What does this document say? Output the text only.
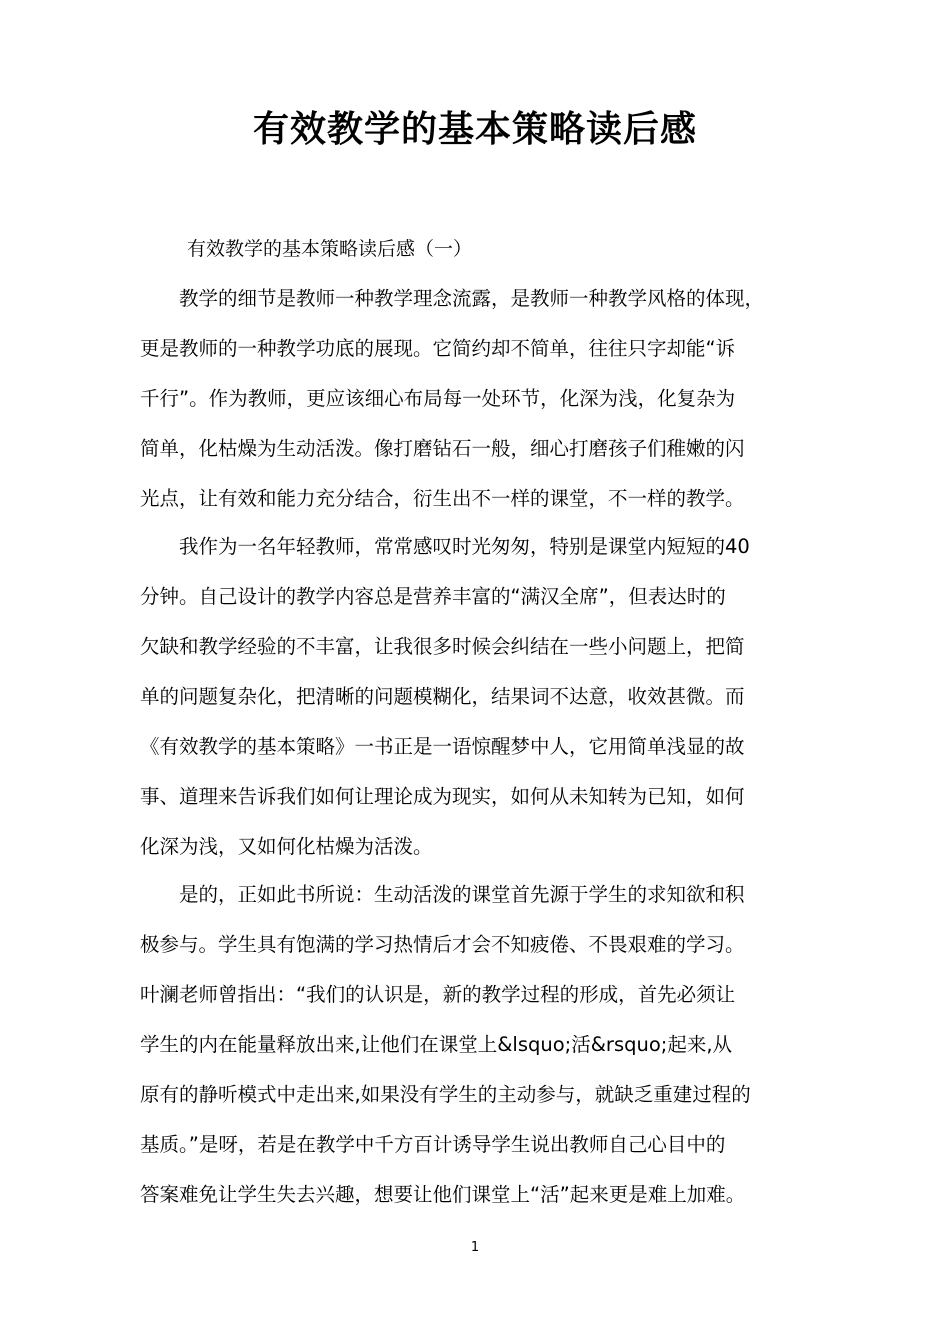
有效教学的基本策略读后感
有效教学的基本策略读后感（一）
　　教学的细节是教师一种教学理念流露，是教师一种教学风格的体现，
更是教师的一种教学功底的展现。它简约却不简单，往往只字却能“诉
千行”。作为教师，更应该细心布局每一处环节，化深为浅，化复杂为
简单，化枯燥为生动活泼。像打磨钻石一般，细心打磨孩子们稚嫩的闪
光点，让有效和能力充分结合，衍生出不一样的课堂，不一样的教学。
　　我作为一名年轻教师，常常感叹时光匆匆，特别是课堂内短短的40
分钟。自己设计的教学内容总是营养丰富的“满汉全席”，但表达时的
欠缺和教学经验的不丰富，让我很多时候会纠结在一些小问题上，把简
单的问题复杂化，把清晰的问题模糊化，结果词不达意，收效甚微。而
《有效教学的基本策略》一书正是一语惊醒梦中人，它用简单浅显的故
事、道理来告诉我们如何让理论成为现实，如何从未知转为已知，如何
化深为浅，又如何化枯燥为活泼。
　　是的，正如此书所说：生动活泼的课堂首先源于学生的求知欲和积
极参与。学生具有饱满的学习热情后才会不知疲倦、不畏艰难的学习。
叶澜老师曾指出：“我们的认识是，新的教学过程的形成，首先必须让
学生的内在能量释放出来,让他们在课堂上&lsquo;活&rsquo;起来,从
原有的静听模式中走出来,如果没有学生的主动参与，就缺乏重建过程的
基质。”是呀，若是在教学中千方百计诱导学生说出教师自己心目中的
答案难免让学生失去兴趣，想要让他们课堂上“活”起来更是难上加难。
1
